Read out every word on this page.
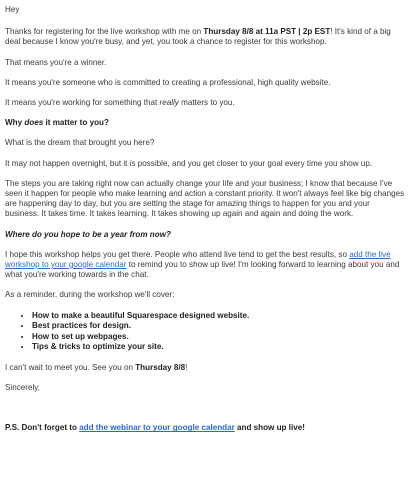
Hey

Thanks for registering for the live workshop with me on Thursday 8/8 at 11a PST | 2p EST! It's kind of a big deal because I know you're busy, and yet, you took a chance to register for this workshop.

That means you're a winner.

It means you're someone who is committed to creating a professional, high quality website.

It means you're working for something that really matters to you.

Why does it matter to you?

What is the dream that brought you here?

It may not happen overnight, but it is possible, and you get closer to your goal every time you show up.

The steps you are taking right now can actually change your life and your business; I know that because I've seen it happen for people who make learning and action a constant priority. It won't always feel like big changes are happening day to day, but you are setting the stage for amazing things to happen for you and your business. It takes time. It takes learning. It takes showing up again and again and doing the work.

Where do you hope to be a year from now?

I hope this workshop helps you get there. People who attend live tend to get the best results, so add the live workshop to your google calendar to remind you to show up live! I'm looking forward to learning about you and what you're working towards in the chat.

As a reminder, during the workshop we'll cover:

• How to make a beautiful Squarespace designed website.
• Best practices for design.
• How to set up webpages.
• Tips & tricks to optimize your site.

I can't wait to meet you. See you on Thursday 8/8!

Sincerely,

P.S. Don't forget to add the webinar to your google calendar and show up live!
